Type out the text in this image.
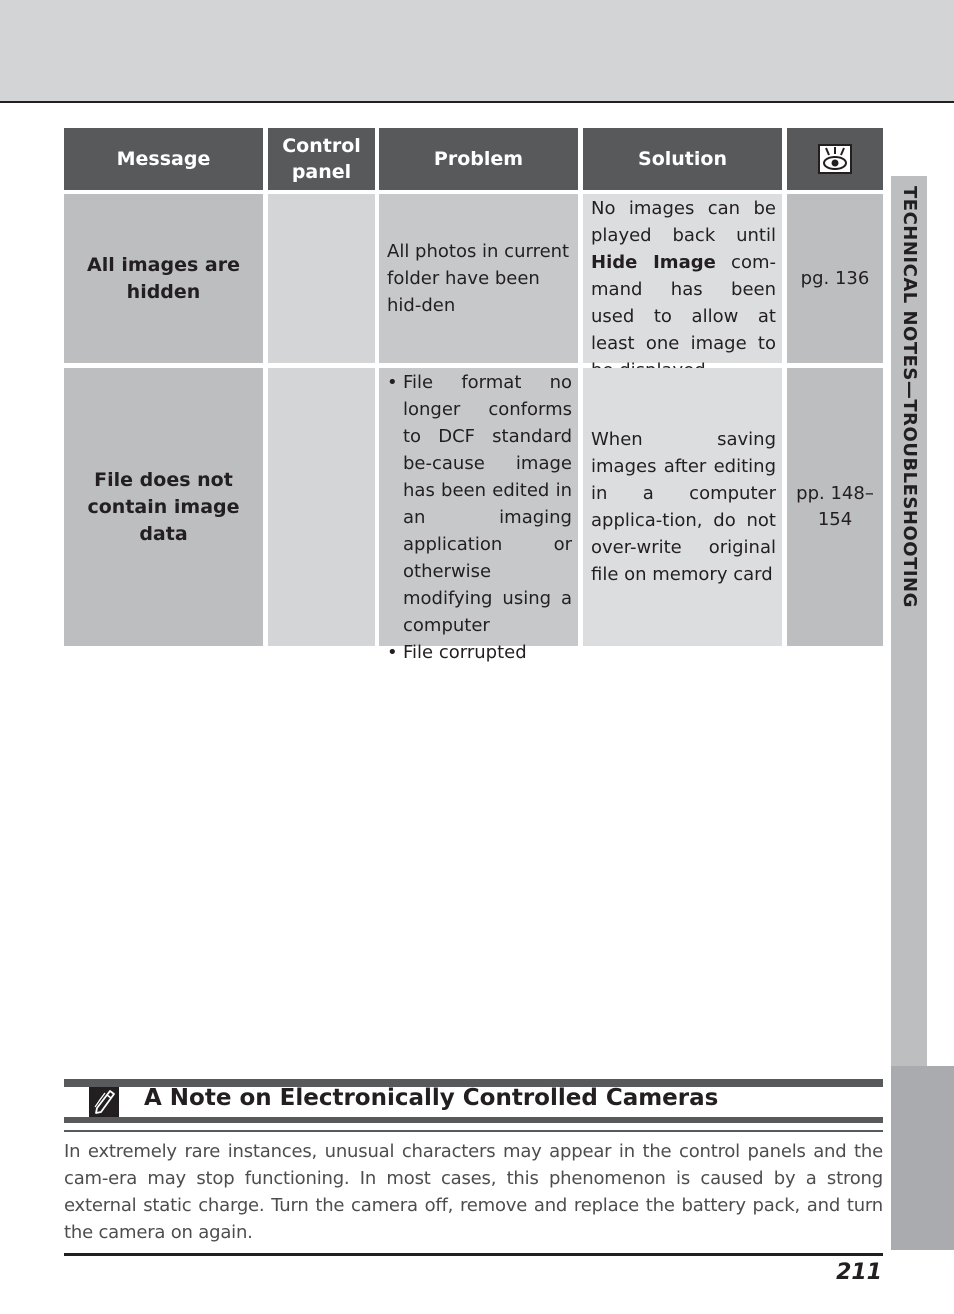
TECHNICAL NOTES—TROUBLESHOOTING
Message
Control panel
Problem	Solution
All images are hidden
All photos in current folder have been hid-den
No images can be played back until Hide Image com-mand has been used to allow at least one image to
pg. 136
File does not contain image data
• File format no longer conforms to DCF standard be-cause image has been edited in an imaging application or otherwise modifying using a computer
• File corrupted
When saving images after editing in a computer applica-tion, do not over-write original file on memory card
pp. 148–154
A Note on Electronically Controlled Cameras
In extremely rare instances, unusual characters may appear in the control panels and the cam-era may stop functioning. In most cases, this phenomenon is caused by a strong external static charge. Turn the camera off, remove and replace the battery pack, and turn the camera on again.
211
